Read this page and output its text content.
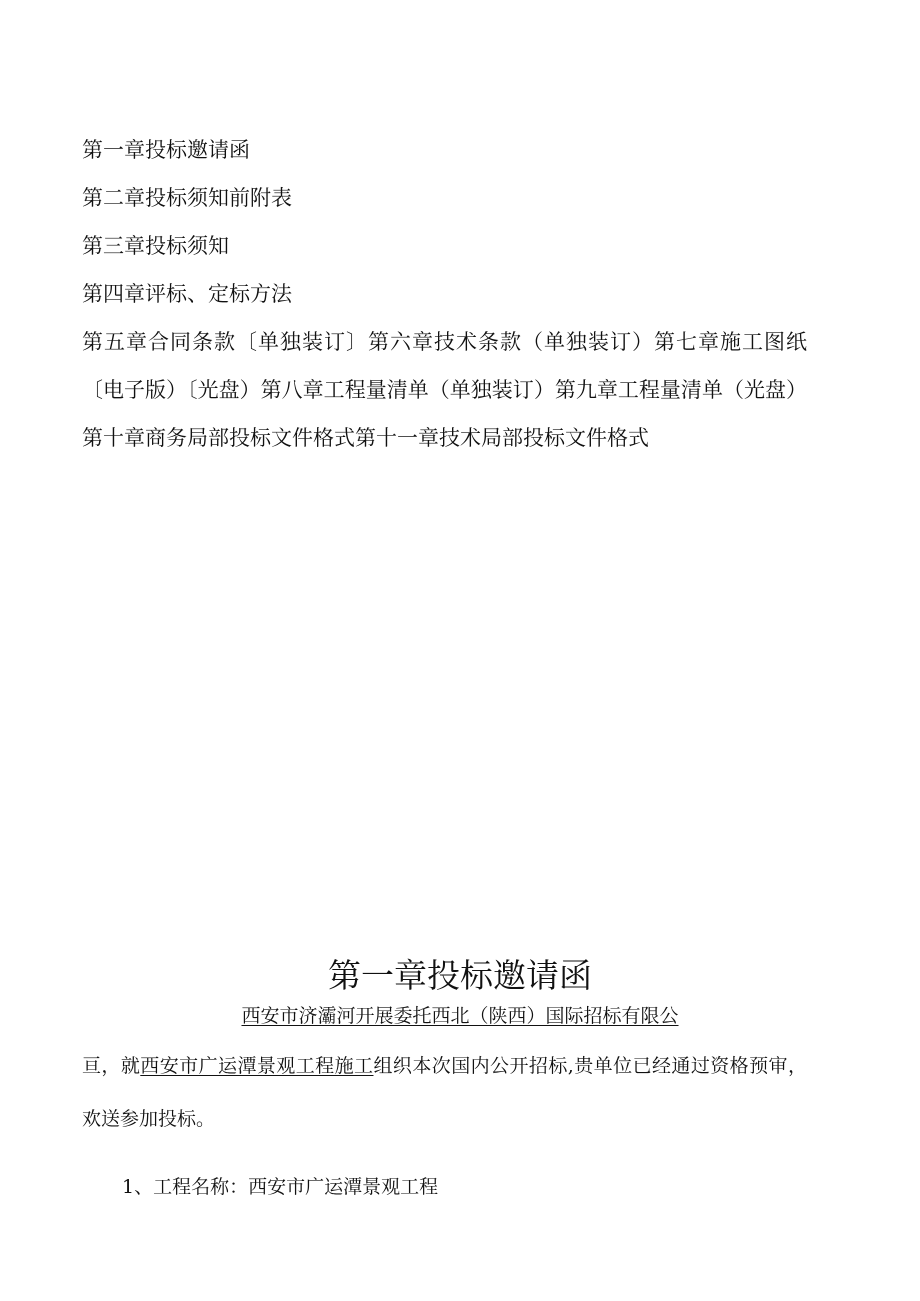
第一章投标邀请函
第二章投标须知前附表
第三章投标须知
第四章评标、定标方法
第五章合同条款〔单独装订〕第六章技术条款（单独装订）第七章施工图纸〔电子版）〔光盘）第八章工程量清单（单独装订）第九章工程量清单（光盘）第十章商务局部投标文件格式第十一章技术局部投标文件格式
第一章投标邀请函
西安市济灞河开展委托西北（陕西）国际招标有限公
亘，就西安市广运潭景观工程施工组织本次国内公开招标,贵单位已经通过资格预审，欢送参加投标。
1、工程名称：西安市广运潭景观工程
